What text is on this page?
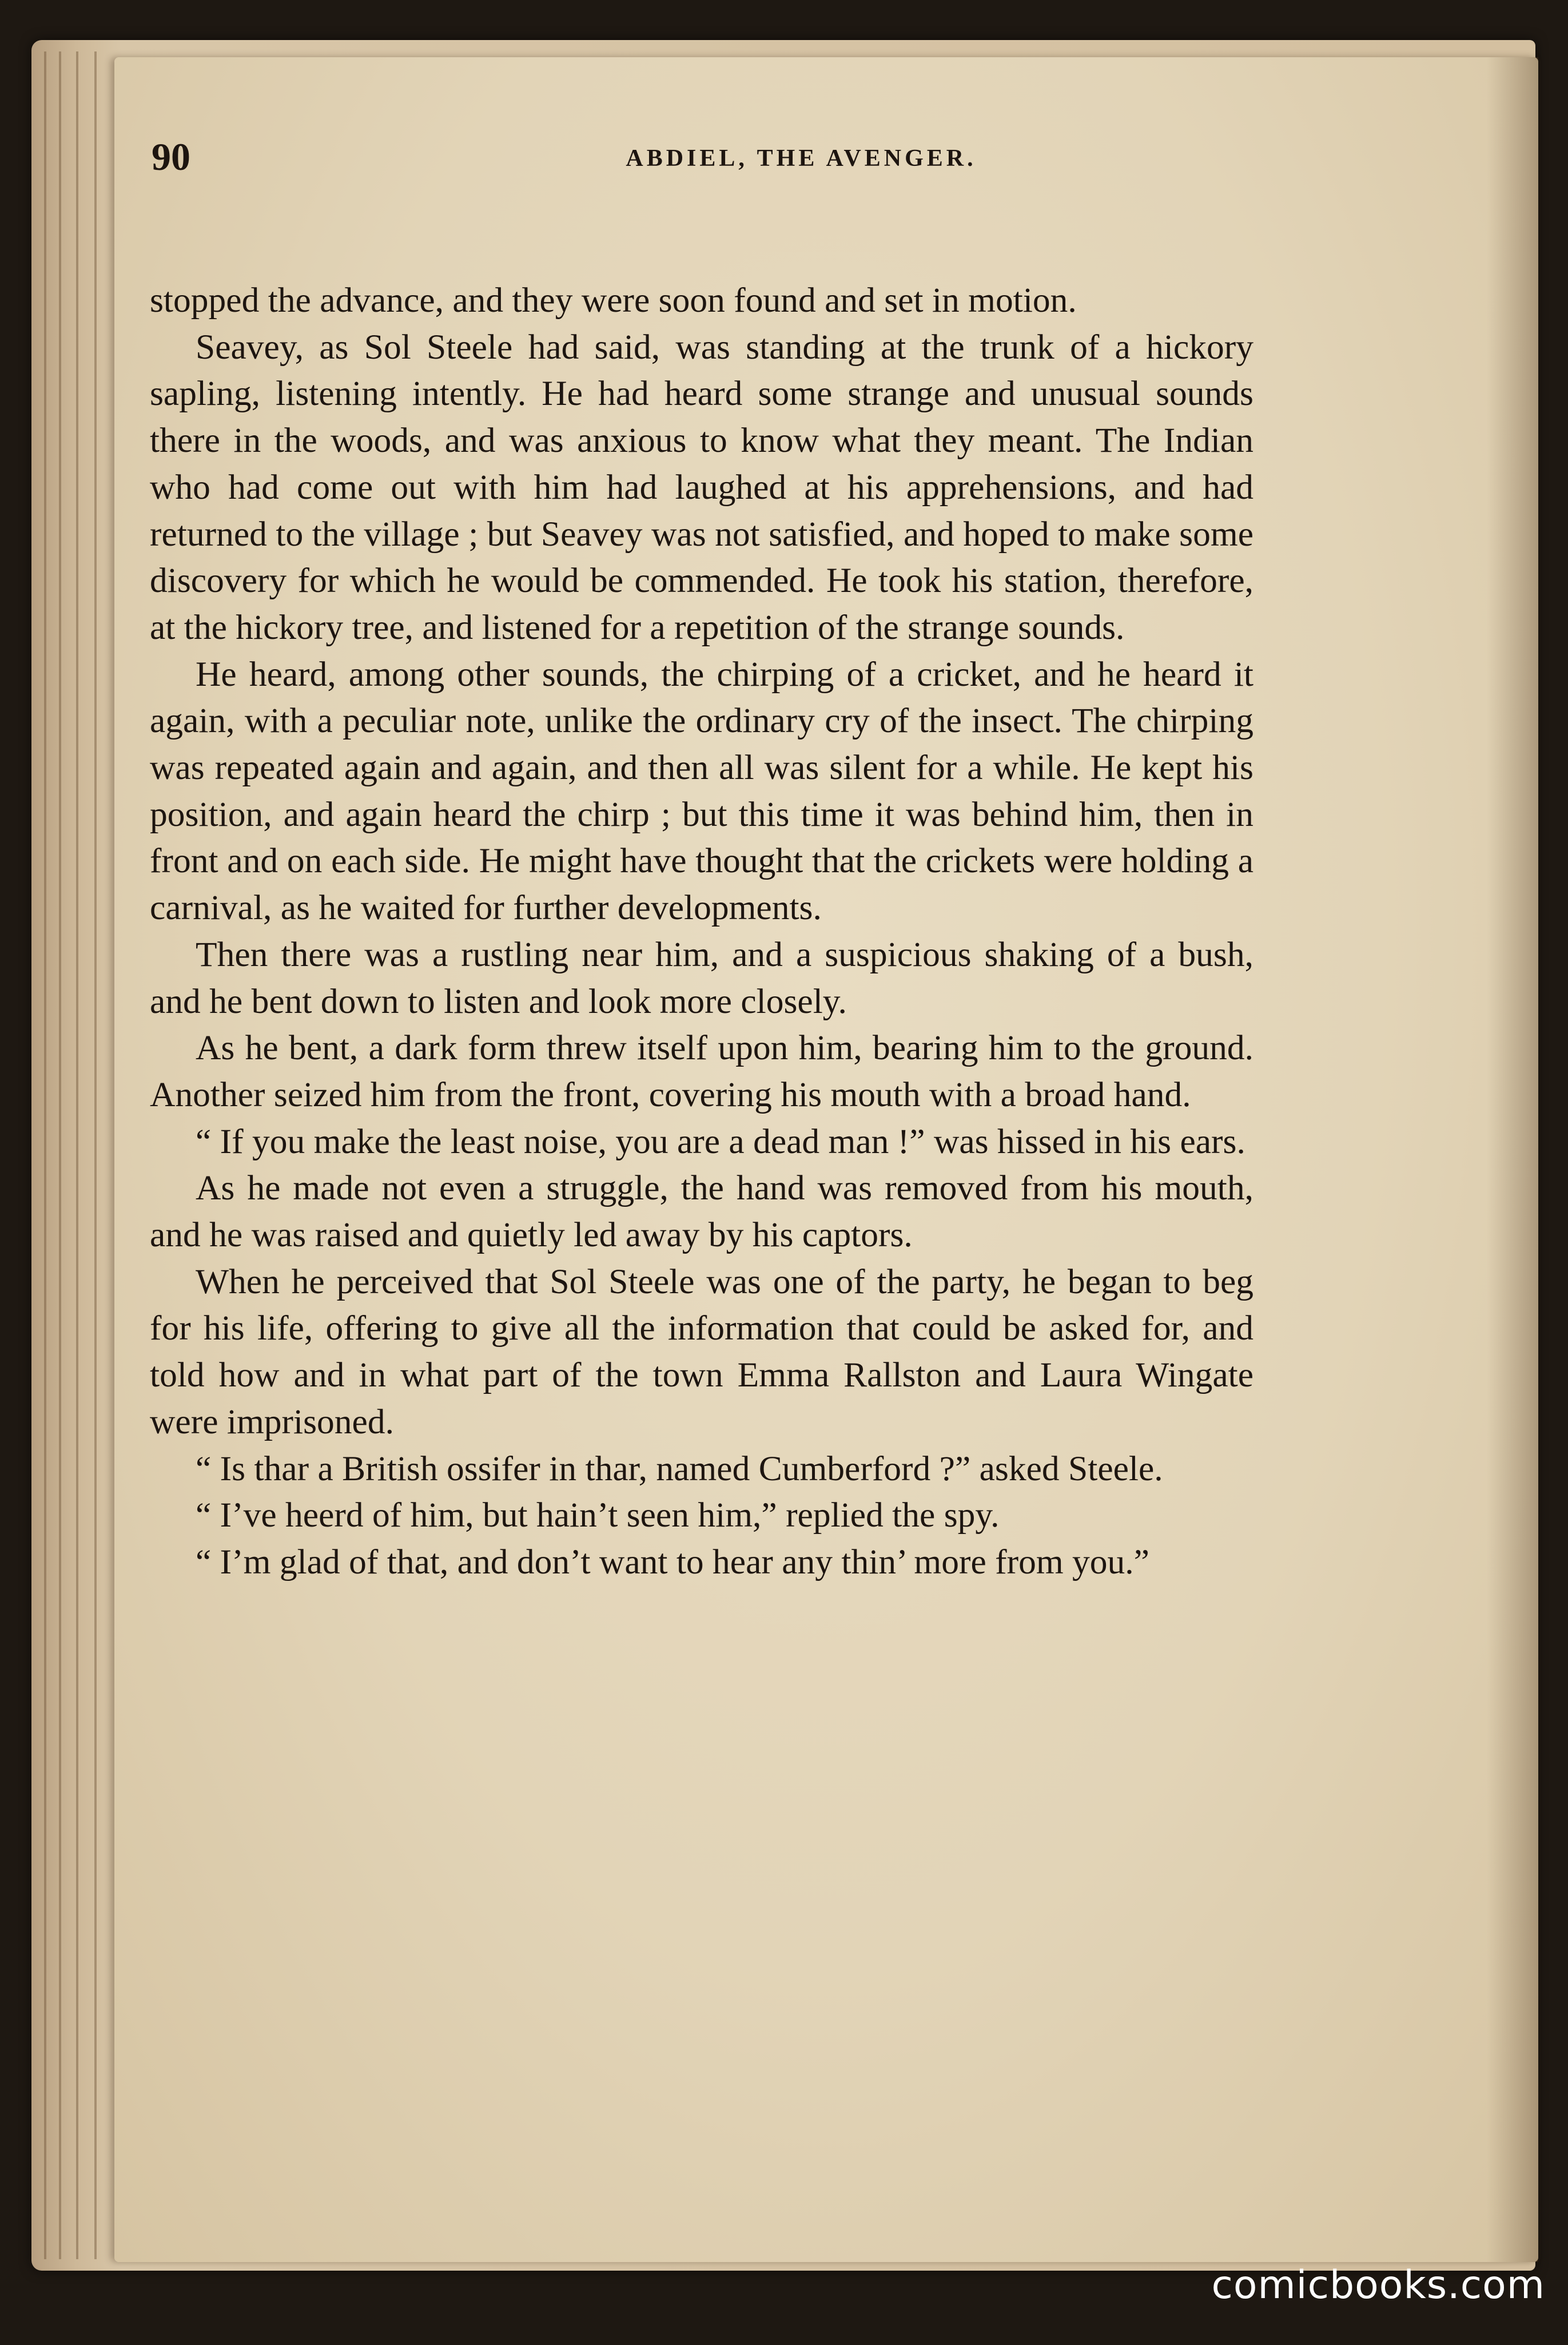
90	ABDIEL, THE AVENGER.

stopped the advance, and they were soon found and set in motion.

Seavey, as Sol Steele had said, was standing at the trunk of a hickory sapling, listening intently. He had heard some strange and unusual sounds there in the woods, and was anxious to know what they meant. The Indian who had come out with him had laughed at his apprehensions, and had returned to the village ; but Seavey was not satisfied, and hoped to make some discovery for which he would be commended. He took his station, therefore, at the hickory tree, and listened for a repetition of the strange sounds.

He heard, among other sounds, the chirping of a cricket, and he heard it again, with a peculiar note, unlike the ordinary cry of the insect. The chirping was repeated again and again, and then all was silent for a while. He kept his position, and again heard the chirp ; but this time it was behind him, then in front and on each side. He might have thought that the crickets were holding a carnival, as he waited for further developments.

Then there was a rustling near him, and a suspicious shaking of a bush, and he bent down to listen and look more closely.

As he bent, a dark form threw itself upon him, bearing him to the ground. Another seized him from the front, covering his mouth with a broad hand.

“ If you make the least noise, you are a dead man !” was hissed in his ears.

As he made not even a struggle, the hand was removed from his mouth, and he was raised and quietly led away by his captors.

When he perceived that Sol Steele was one of the party, he began to beg for his life, offering to give all the information that could be asked for, and told how and in what part of the town Emma Rallston and Laura Wingate were imprisoned.

“ Is thar a British ossifer in thar, named Cumberford ?” asked Steele.

“ I’ve heerd of him, but hain’t seen him,” replied the spy.

“ I’m glad of that, and don’t want to hear any thin’ more from you.”

comicbooks.com
